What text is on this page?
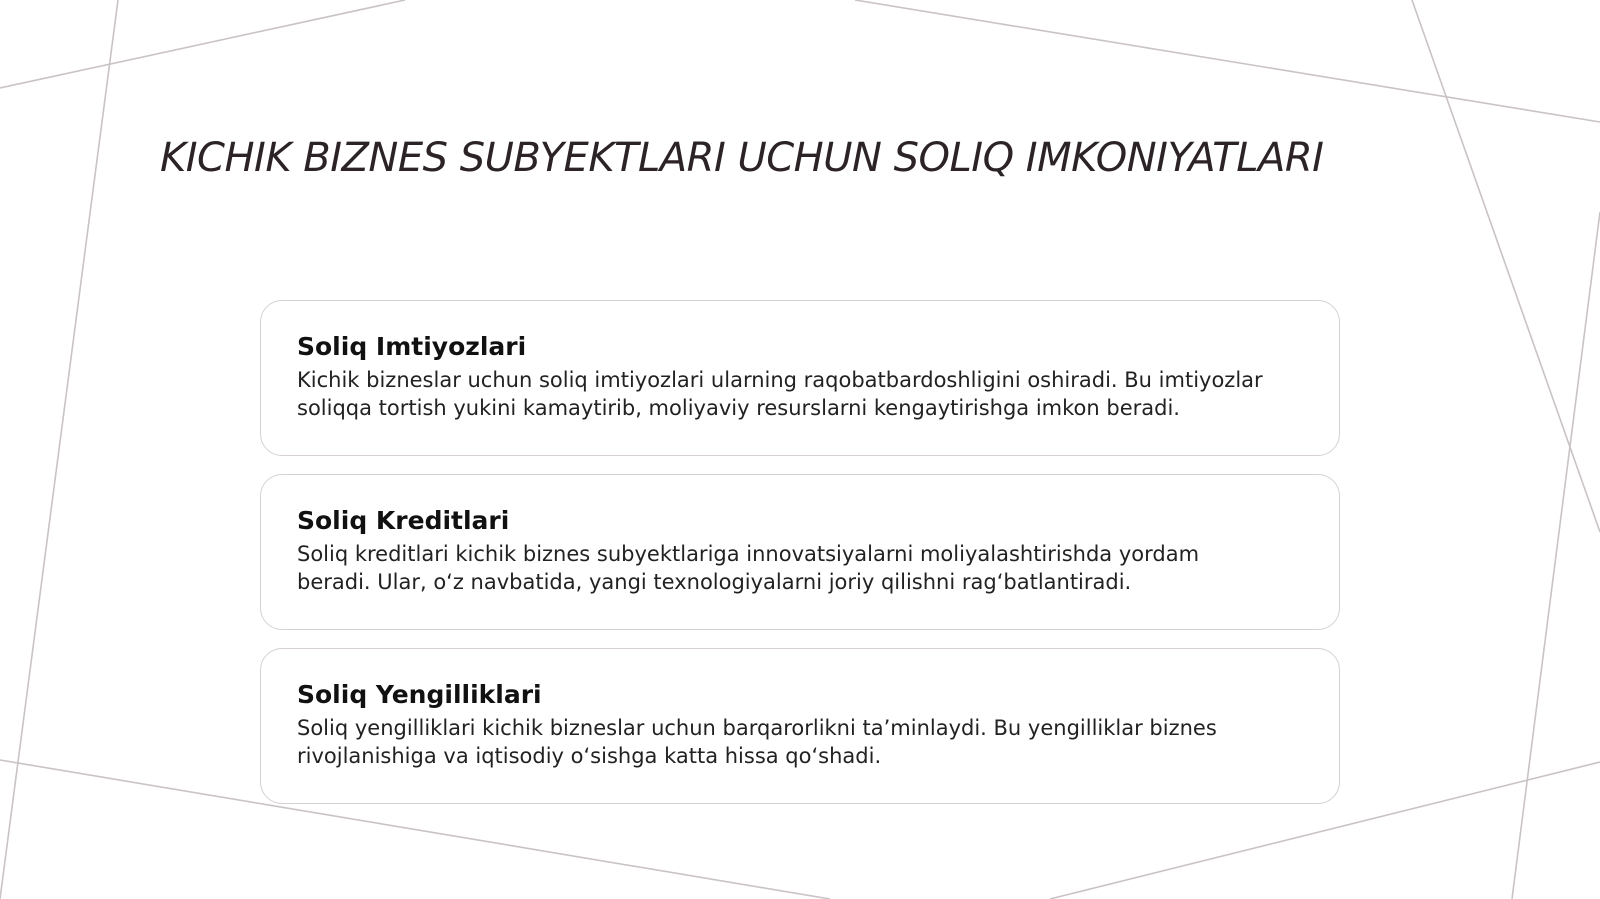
KICHIK BIZNES SUBYEKTLARI UCHUN SOLIQ IMKONIYATLARI
Soliq Imtiyozlari

Kichik bizneslar uchun soliq imtiyozlari ularning raqobatbardoshligini oshiradi. Bu imtiyozlar soliqqa tortish yukini kamaytirib, moliyaviy resurslarni kengaytirishga imkon beradi.

Soliq Kreditlari

Soliq kreditlari kichik biznes subyektlariga innovatsiyalarni moliyalashtirishda yordam beradi. Ular, o‘z navbatida, yangi texnologiyalarni joriy qilishni rag‘batlantiradi.

Soliq Yengilliklari

Soliq yengilliklari kichik bizneslar uchun barqarorlikni ta’minlaydi. Bu yengilliklar biznes rivojlanishiga va iqtisodiy o‘sishga katta hissa qo‘shadi.
